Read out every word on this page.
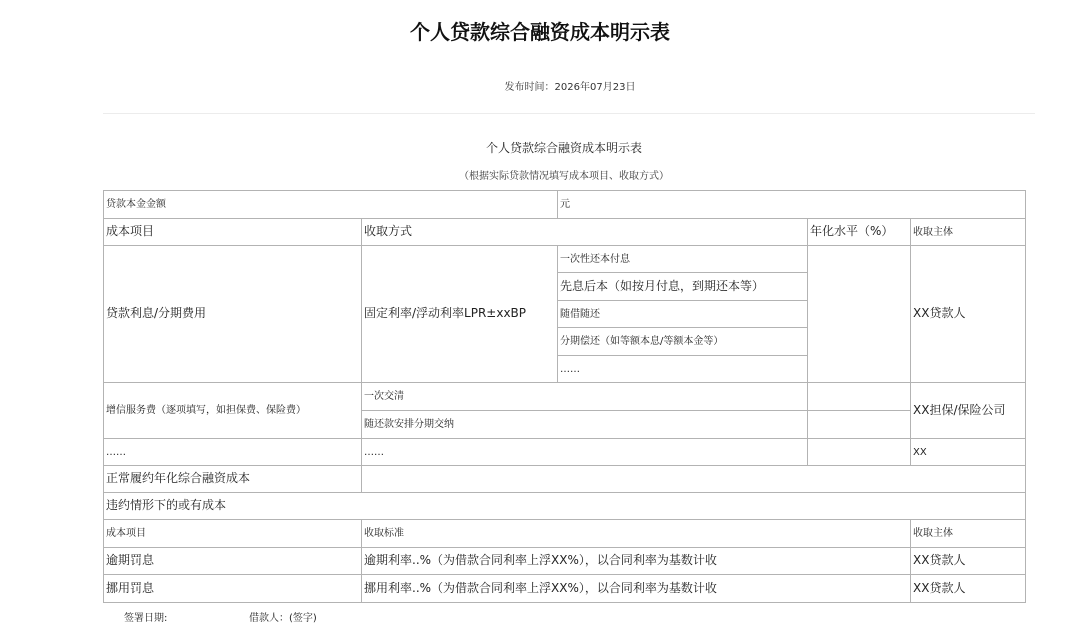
个人贷款综合融资成本明示表
发布时间：2026年07月23日
个人贷款综合融资成本明示表
（根据实际贷款情况填写成本项目、收取方式）
贷款本金金额		元		
成本项目	收取方式		年化水平（%）	收取主体
贷款利息/分期费用	固定利率/浮动利率LPR±xxBP	一次性还本付息		XX贷款人
		先息后本（如按月付息，到期还本等）		
		随借随还		
		分期偿还（如等额本息/等额本金等）		
		……		
增信服务费（逐项填写，如担保费、保险费）	一次交清			XX担保/保险公司
	随还款安排分期交纳			
……	……			XX
正常履约年化综合融资成本				
违约情形下的或有成本				
成本项目	收取标准			收取主体
逾期罚息	逾期利率..%（为借款合同利率上浮XX%），以合同利率为基数计收			XX贷款人
挪用罚息	挪用利率..%（为借款合同利率上浮XX%），以合同利率为基数计收			XX贷款人
签署日期:	借款人：(签字)
